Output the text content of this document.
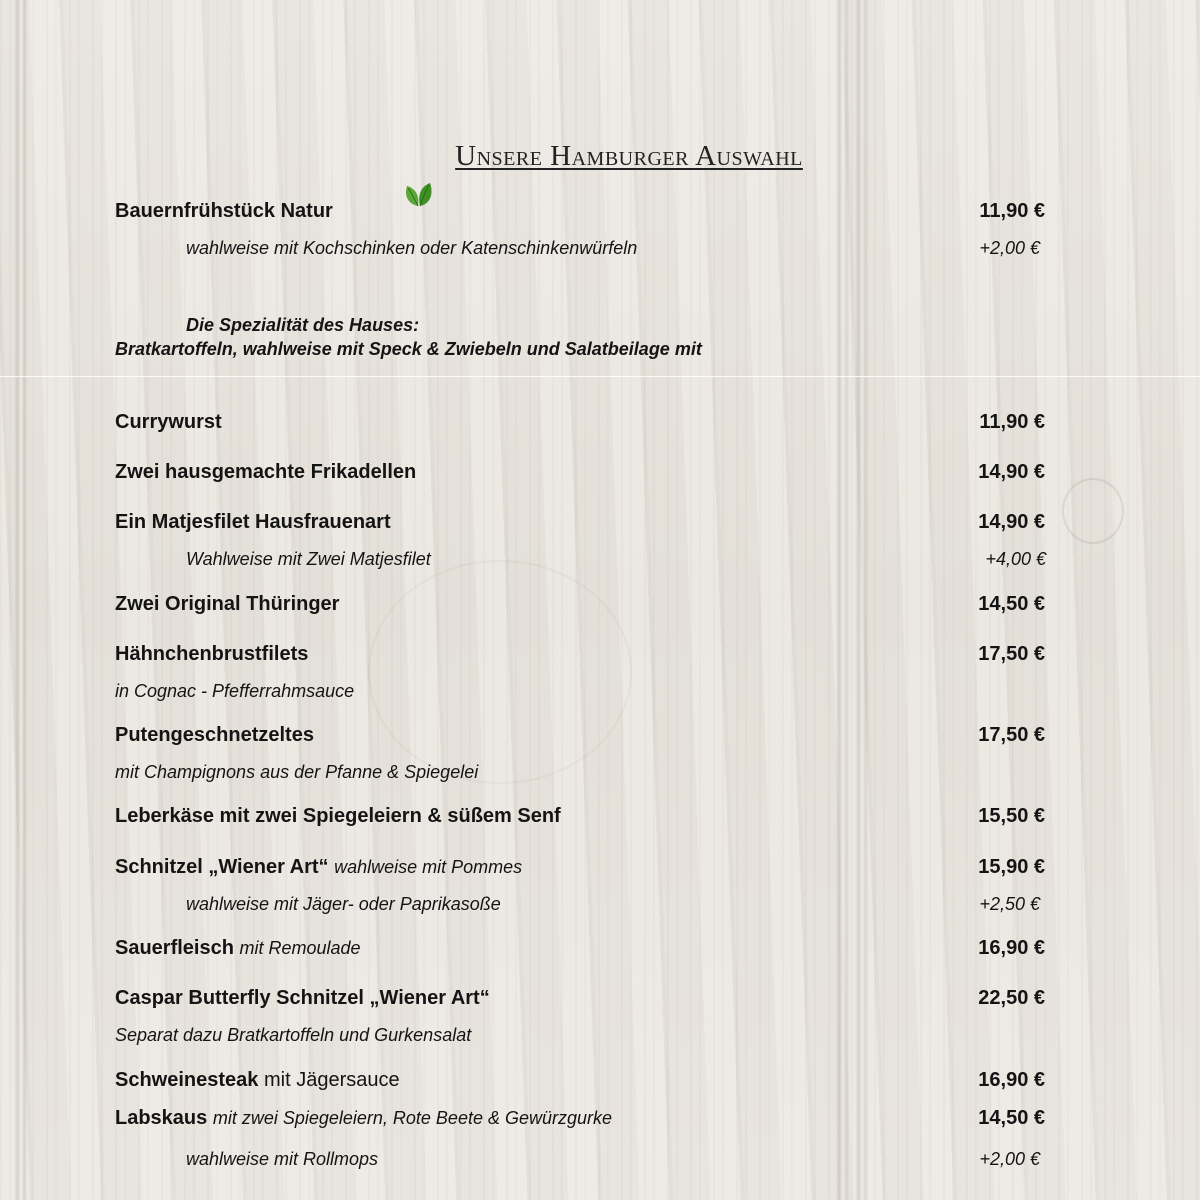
Unsere Hamburger Auswahl
Bauernfrühstück Natur	11,90 €
wahlweise mit Kochschinken oder Katenschinkenwürfeln	+2,00 €
Die Spezialität des Hauses:
Bratkartoffeln, wahlweise mit Speck & Zwiebeln und Salatbeilage mit
Currywurst	11,90 €
Zwei hausgemachte Frikadellen	14,90 €
Ein Matjesfilet Hausfrauenart	14,90 €
Wahlweise mit Zwei Matjesfilet	+4,00 €
Zwei Original Thüringer	14,50 €
Hähnchenbrustfilets	17,50 €
in Cognac - Pfefferrahmsauce
Putengeschnetzeltes	17,50 €
mit Champignons aus der Pfanne & Spiegelei
Leberkäse mit zwei Spiegeleiern & süßem Senf	15,50 €
Schnitzel „Wiener Art“ wahlweise mit Pommes	15,90 €
wahlweise mit Jäger- oder Paprikasoße	+2,50 €
Sauerfleisch mit Remoulade	16,90 €
Caspar Butterfly Schnitzel „Wiener Art“	22,50 €
Separat dazu Bratkartoffeln und Gurkensalat
Schweinesteak mit Jägersauce	16,90 €
Labskaus mit zwei Spiegeleiern, Rote Beete & Gewürzgurke	14,50 €
wahlweise mit Rollmops	+2,00 €
